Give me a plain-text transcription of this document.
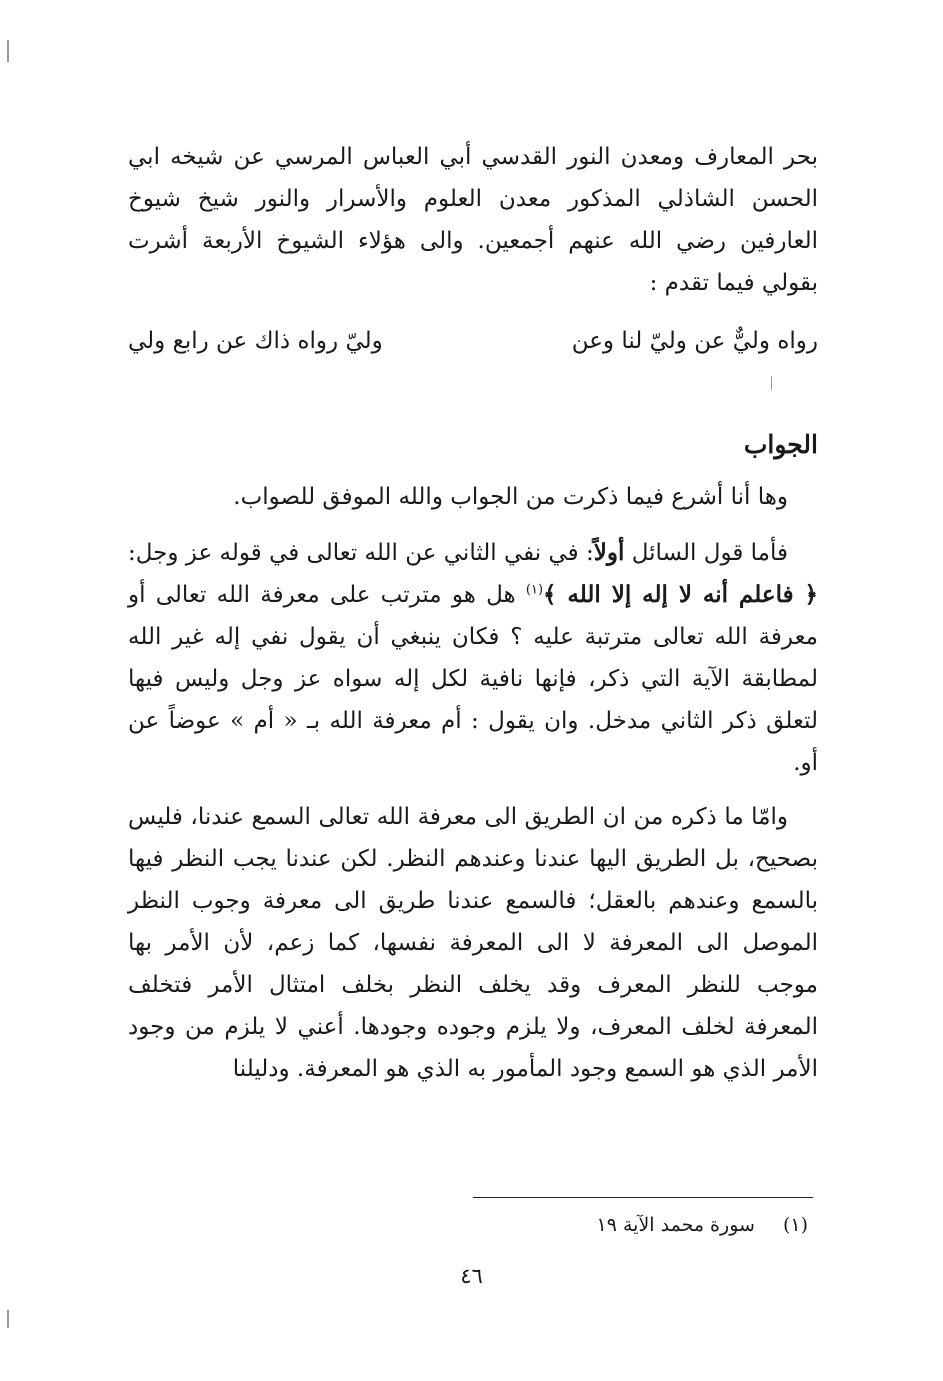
بحر المعارف ومعدن النور القدسي أبي العباس المرسي عن شيخه ابي الحسن الشاذلي المذكور معدن العلوم والأسرار والنور شيخ شيوخ العارفين رضي الله عنهم أجمعين. والى هؤلاء الشيوخ الأربعة أشرت بقولي فيما تقدم :

رواه وليٌّ عن وليّ لنا وعن
وليّ رواه ذاك عن رابع ولي
الجواب

وها أنا أشرع فيما ذكرت من الجواب والله الموفق للصواب.

فأما قول السائل أولاً: في نفي الثاني عن الله تعالى في قوله عز وجل: ﴿ فاعلم أنه لا إله إلا الله ﴾$^{(١)}$ هل هو مترتب على معرفة الله تعالى أو معرفة الله تعالى مترتبة عليه ؟ فكان ينبغي أن يقول نفي إله غير الله لمطابقة الآية التي ذكر، فإنها نافية لكل إله سواه عز وجل وليس فيها لتعلق ذكر الثاني مدخل. وان يقول : أم معرفة الله بـ « أم » عوضاً عن أو.

وامّا ما ذكره من ان الطريق الى معرفة الله تعالى السمع عندنا، فليس بصحيح، بل الطريق اليها عندنا وعندهم النظر. لكن عندنا يجب النظر فيها بالسمع وعندهم بالعقل؛ فالسمع عندنا طريق الى معرفة وجوب النظر الموصل الى المعرفة لا الى المعرفة نفسها، كما زعم، لأن الأمر بها موجب للنظر المعرف وقد يخلف النظر بخلف امتثال الأمر فتخلف المعرفة لخلف المعرف، ولا يلزم وجوده وجودها. أعني لا يلزم من وجود الأمر الذي هو السمع وجود المأمور به الذي هو المعرفة. ودليلنا

(١)سورة محمد الآية ١٩
٤٦
